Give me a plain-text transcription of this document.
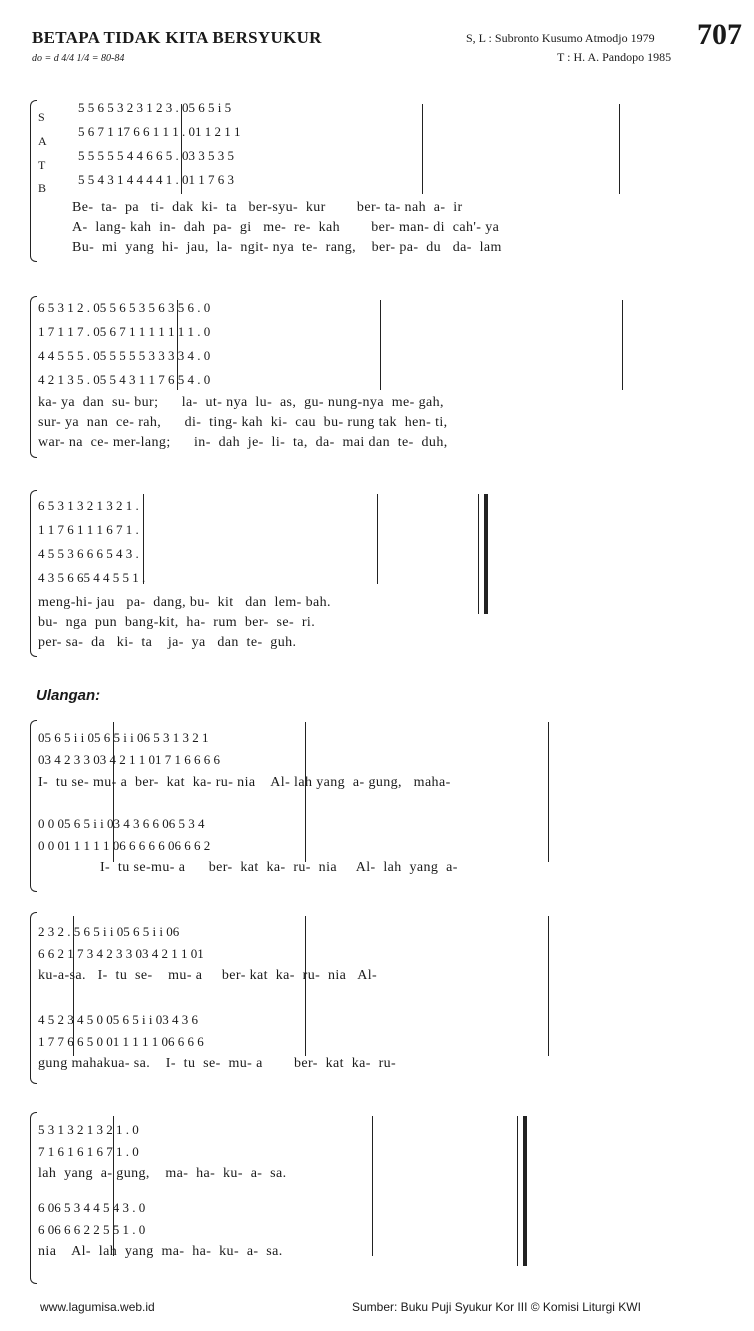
BETAPA TIDAK KITA BERSYUKUR
do = d 4/4 1/4 = 80-84
S, L : Subronto Kusumo Atmodjo 1979
T : H. A. Pandopo 1985
707
S
A
T
B
5 5 6 5 3 2 3 1 2 3 . 05 6 5 i 5
5 6 7 1 17 6 6 1 1 1 . 01 1 2 1 1
5 5 5 5 5 4 4 6 6 5 . 03 3 5 3 5
5 5 4 3 1 4 4 4 4 1 . 01 1 7 6 3
Be-  ta-  pa   ti-  dak  ki-  ta   ber-syu-  kur        ber- ta- nah  a-  ir
A-  lang- kah  in-  dah  pa-  gi   me-  re-  kah        ber- man- di  cah'- ya
Bu-  mi  yang  hi-  jau,  la-  ngit- nya  te-  rang,    ber- pa-  du   da-  lam
6 5 3 1 2 . 05 5 6 5 3 5 6 3 5 6 . 0
1 7 1 1 7 . 05 6 7 1 1 1 1 1 1 1 . 0
4 4 5 5 5 . 05 5 5 5 5 3 3 3 3 4 . 0
4 2 1 3 5 . 05 5 4 3 1 1 7 6 5 4 . 0
ka- ya  dan  su- bur;      la-  ut- nya  lu-  as,  gu- nung-nya  me- gah,
sur- ya  nan  ce- rah,      di-  ting- kah  ki-  cau  bu- rung tak  hen- ti,
war- na  ce- mer-lang;      in-  dah  je-  li-  ta,  da-  mai dan  te-  duh,
6 5 3 1 3 2 1 3 2 1 .
1 1 7 6 1 1 1 6 7 1 .
4 5 5 3 6 6 6 5 4 3 .
4 3 5 6 65 4 4 5 5 1 .
meng-hi- jau   pa-  dang, bu-  kit   dan  lem- bah.
bu-  nga  pun  bang-kit,  ha-  rum  ber-  se-  ri.
per- sa-  da   ki-  ta    ja-  ya   dan  te-  guh.
Ulangan:
05 6 5 i i 05 6 5 i i 06 5 3 1 3 2 1
03 4 2 3 3 03 4 2 1 1 01 7 1 6 6 6 6
I-  tu se- mu- a  ber-  kat  ka- ru- nia    Al- lah yang  a- gung,   maha-
0 0 05 6 5 i i 03 4 3 6 6 06 5 3 4
0 0 01 1 1 1 1 06 6 6 6 6 06 6 6 2
I-  tu se-mu- a      ber-  kat  ka-  ru-  nia     Al-  lah  yang  a-
2 3 2 . 5 6 5 i i 05 6 5 i i 06
6 6 2 1 7 3 4 2 3 3 03 4 2 1 1 01
ku-a-sa.   I-  tu  se-    mu- a     ber- kat  ka-  ru-  nia   Al-
4 5 2 3 4 5 0 05 6 5 i i 03 4 3 6
1 7 7 6 6 5 0 01 1 1 1 1 06 6 6 6
gung mahakua- sa.    I-  tu  se-  mu- a        ber-  kat  ka-  ru-
5 3 1 3 2 1 3 2 1 . 0
7 1 6 1 6 1 6 7 1 . 0
lah  yang  a- gung,    ma-  ha-  ku-  a-  sa.
6 06 5 3 4 4 5 4 3 . 0
6 06 6 6 2 2 5 5 1 . 0
nia    Al-  lah  yang  ma-  ha-  ku-  a-  sa.
www.lagumisa.web.id	Sumber: Buku Puji Syukur Kor III © Komisi Liturgi KWI
